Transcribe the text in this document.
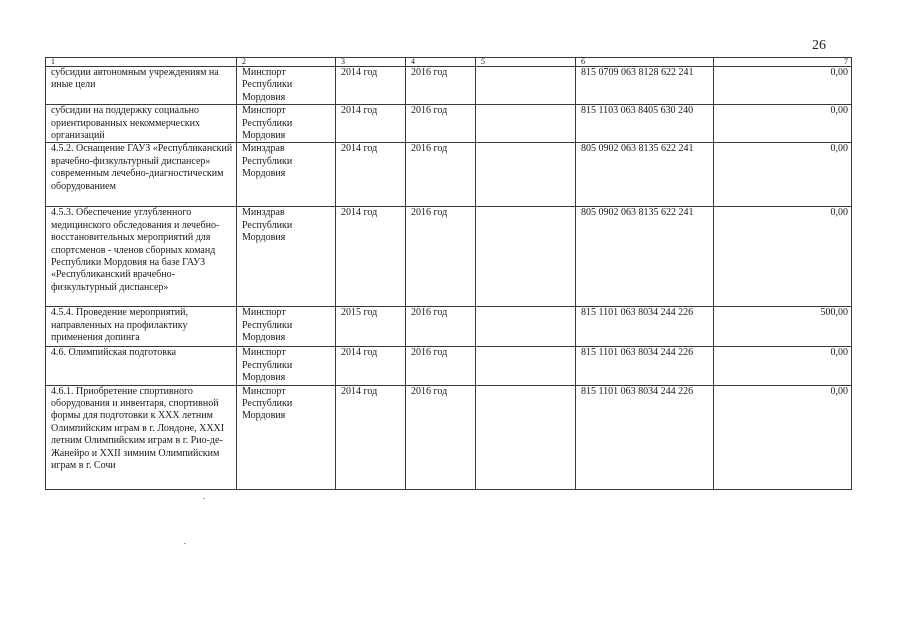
26
1	2	3	4	5	6	7
субсидии автономным учреждениям на иные цели	Минспорт Республики Мордовия	2014 год	2016 год		815 0709 063 8128 622 241	0,00
субсидии на поддержку социально ориентированных некоммерческих организаций	Минспорт Республики Мордовия	2014 год	2016 год		815 1103 063 8405 630 240	0,00
4.5.2. Оснащение ГАУЗ «Республиканский врачебно-физкультурный диспансер» современным лечебно-диагностическим оборудованием	Минздрав Республики Мордовия	2014 год	2016 год		805 0902 063 8135 622 241	0,00
4.5.3. Обеспечение углубленного медицинского обследования и лечебно-восстановительных мероприятий для спортсменов - членов сборных команд Республики Мордовия на базе ГАУЗ «Республиканский врачебно-физкультурный диспансер»	Минздрав Республики Мордовия	2014 год	2016 год		805 0902 063 8135 622 241	0,00
4.5.4. Проведение мероприятий, направленных на профилактику применения допинга	Минспорт Республики Мордовия	2015 год	2016 год		815 1101 063 8034 244 226	500,00
4.6. Олимпийская подготовка	Минспорт Республики Мордовия	2014 год	2016 год		815 1101 063 8034 244 226	0,00
4.6.1. Приобретение спортивного оборудования и инвентаря, спортивной формы для подготовки к XXX летним Олимпийским играм в г. Лондоне, XXXI летним Олимпийским играм в г. Рио-де-Жанейро и XXII зимним Олимпийским играм в г. Сочи	Минспорт Республики Мордовия	2014 год	2016 год		815 1101 063 8034 244 226	0,00
